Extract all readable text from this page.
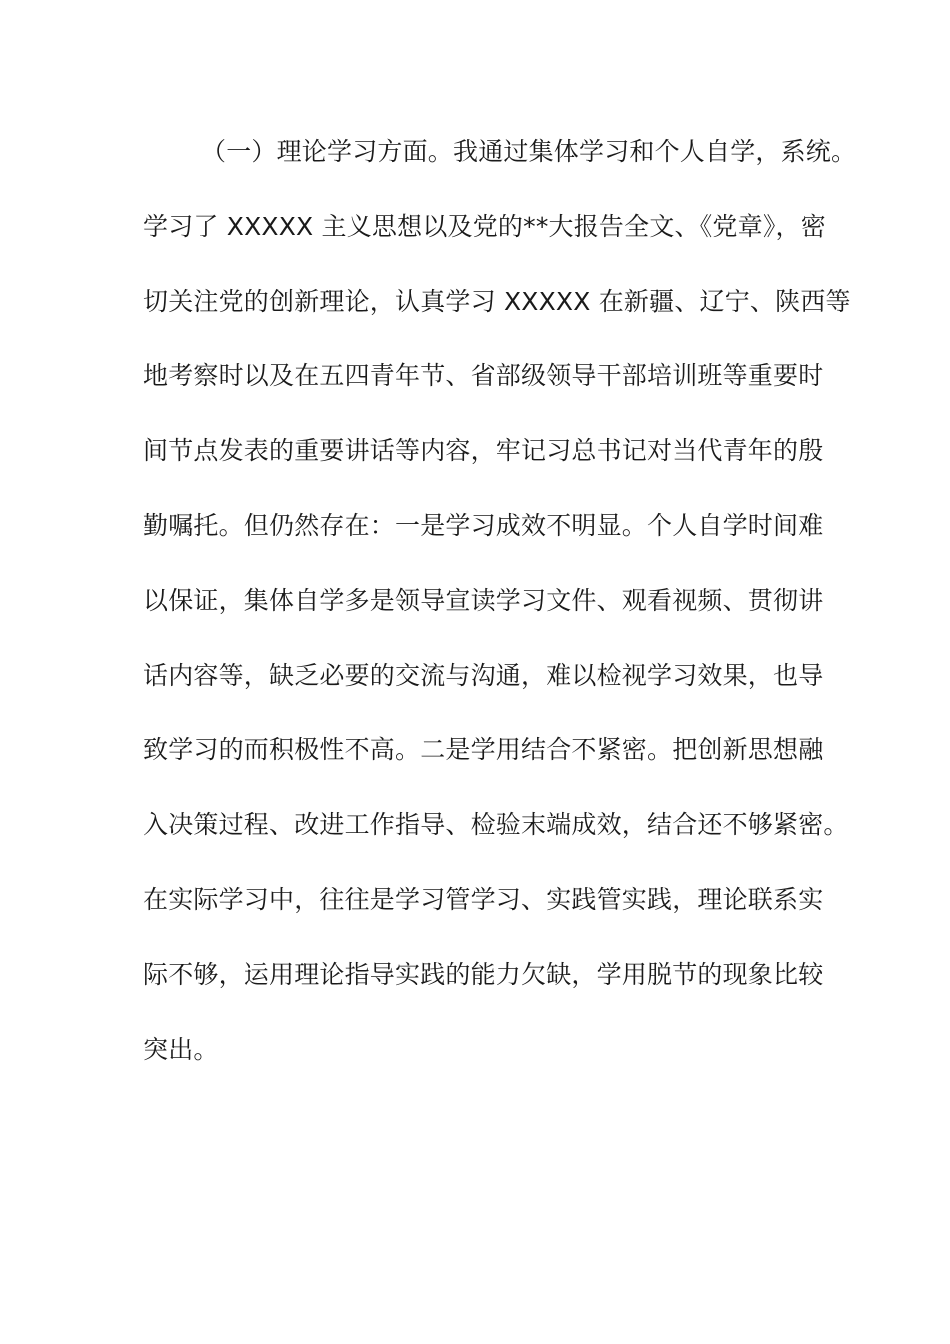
（一）理论学习方面。我通过集体学习和个人自学，系统。
学习了 XXXXX 主义思想以及党的**大报告全文、《党章》，密
切关注党的创新理论，认真学习 XXXXX 在新疆、辽宁、陕西等
地考察时以及在五四青年节、省部级领导干部培训班等重要时
间节点发表的重要讲话等内容，牢记习总书记对当代青年的殷
勤嘱托。但仍然存在：一是学习成效不明显。个人自学时间难
以保证，集体自学多是领导宣读学习文件、观看视频、贯彻讲
话内容等，缺乏必要的交流与沟通，难以检视学习效果，也导
致学习的而积极性不高。二是学用结合不紧密。把创新思想融
入决策过程、改进工作指导、检验末端成效，结合还不够紧密。
在实际学习中，往往是学习管学习、实践管实践，理论联系实
际不够，运用理论指导实践的能力欠缺，学用脱节的现象比较
突出。
